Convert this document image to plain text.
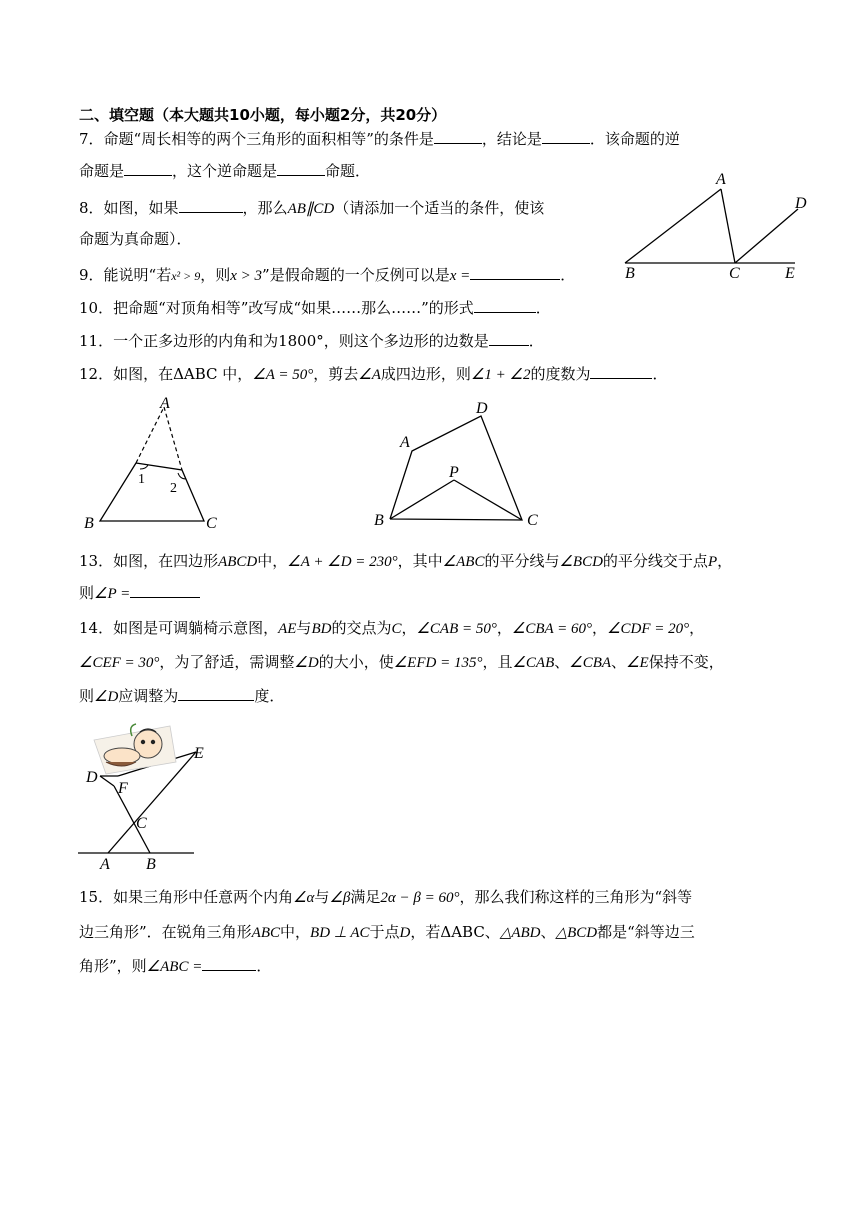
二、填空题（本大题共10小题，每小题2分，共20分）
7．命题“周长相等的两个三角形的面积相等”的条件是	，结论是	．该命题的逆
命题是	，这个逆命题是	命题．
8．如图，如果	，那么AB∥CD（请添加一个适当的条件，使该
命题为真命题）．
A
B	C
D
E
9．能说明“若x² > 9，则x > 3”是假命题的一个反例可以是x =	．
10．把命题“对顶角相等”改写成“如果……那么……”的形式	．
11．一个正多边形的内角和为1800°，则这个多边形的边数是	．
12．如图，在ΔABC 中，∠A = 50°，剪去∠A成四边形，则∠1 + ∠2的度数为	．
A
B	C
1
2
A
B	C
D
P
13．如图，在四边形ABCD中，∠A + ∠D = 230°，其中∠ABC的平分线与∠BCD的平分线交于点P，
则∠P =
14．如图是可调躺椅示意图，AE与BD的交点为C，∠CAB = 50°，∠CBA = 60°，∠CDF = 20°，
∠CEF = 30°，为了舒适，需调整∠D的大小，使∠EFD = 135°，且∠CAB、∠CBA、∠E保持不变，
则∠D应调整为	度．
D
F
E
C
A B
15．如果三角形中任意两个内角∠α与∠β满足2α − β = 60°，那么我们称这样的三角形为“斜等
边三角形”．在锐角三角形ABC中，BD ⊥ AC于点D，若ΔABC、△ABD、△BCD都是“斜等边三
角形”，则∠ABC =	．
